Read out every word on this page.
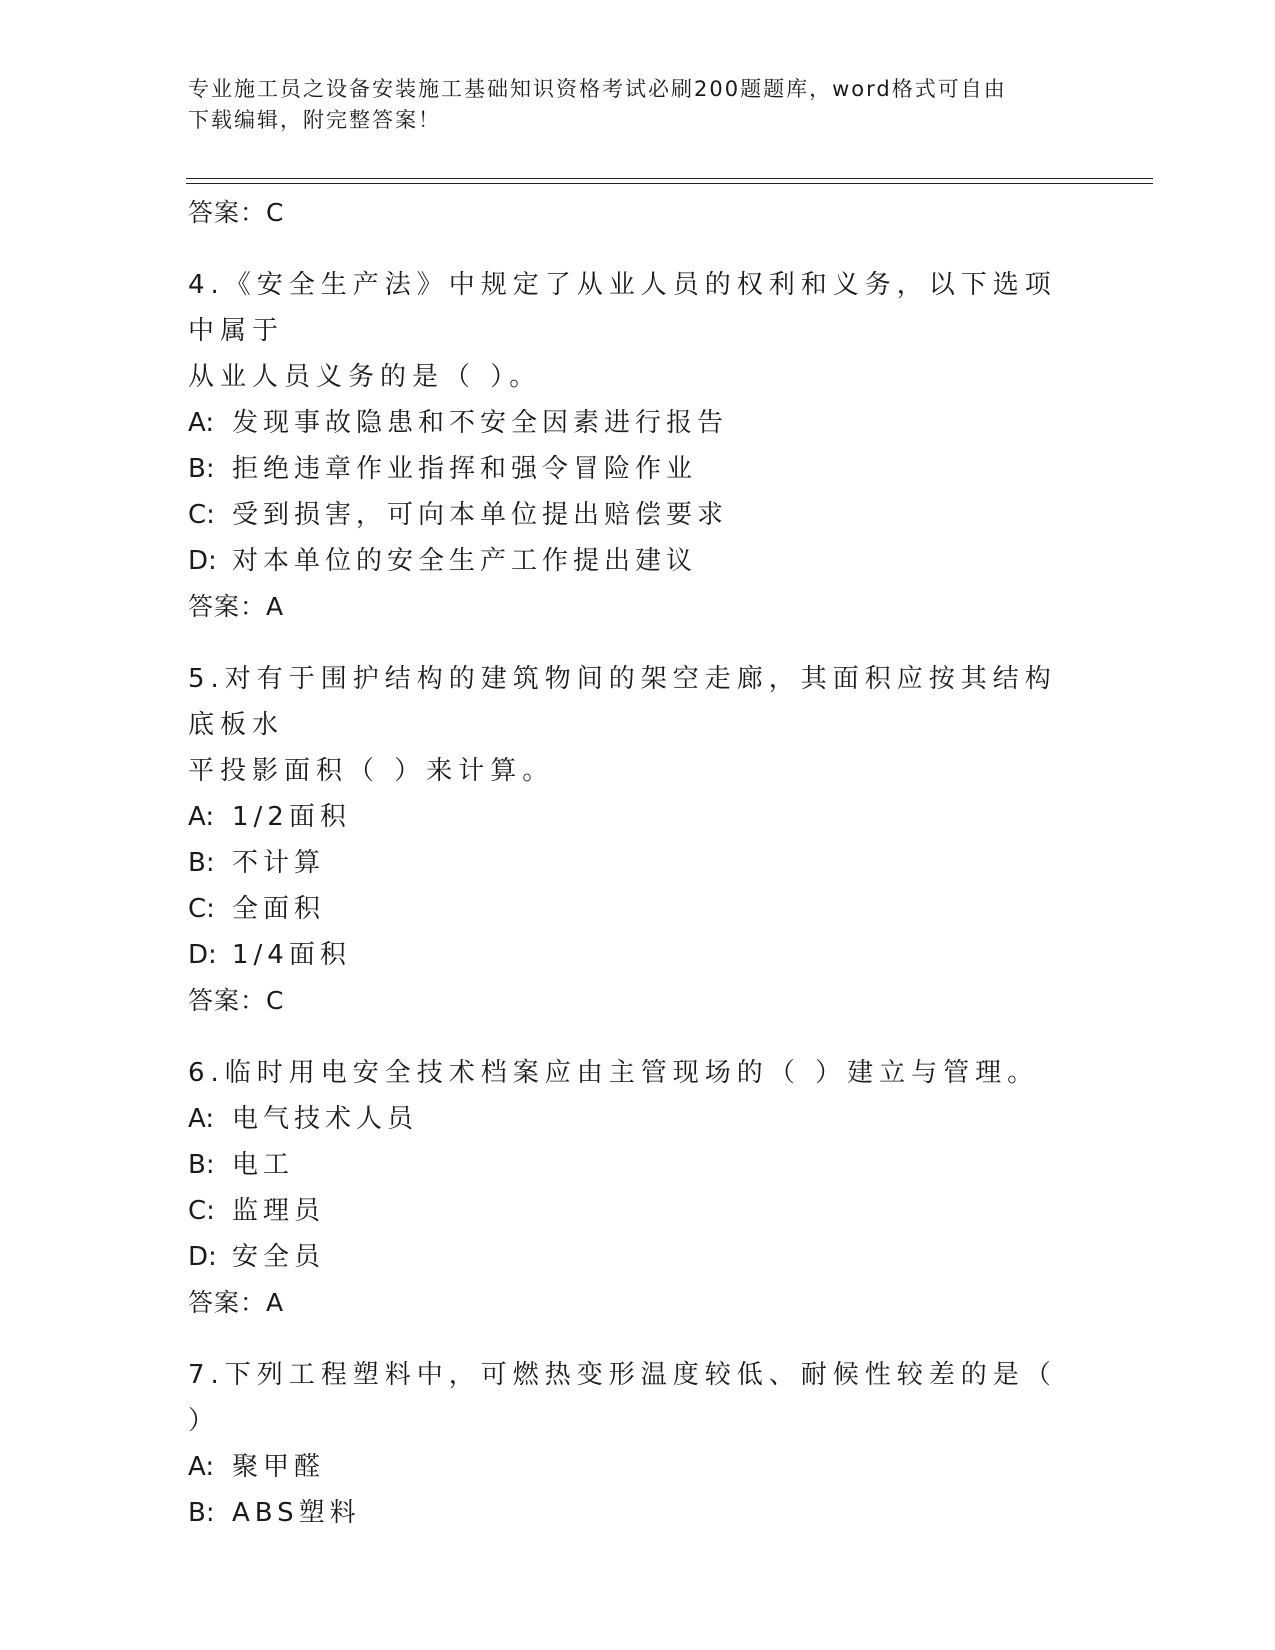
专业施工员之设备安装施工基础知识资格考试必刷200题题库，word格式可自由
下载编辑，附完整答案！
答案：C
4.《安全生产法》中规定了从业人员的权利和义务，以下选项中属于
从业人员义务的是（ ）。
A: 发现事故隐患和不安全因素进行报告
B: 拒绝违章作业指挥和强令冒险作业
C: 受到损害，可向本单位提出赔偿要求
D: 对本单位的安全生产工作提出建议
答案：A
5.对有于围护结构的建筑物间的架空走廊，其面积应按其结构底板水
平投影面积（ ）来计算。
A: 1/2面积
B: 不计算
C: 全面积
D: 1/4面积
答案：C
6.临时用电安全技术档案应由主管现场的（ ）建立与管理。
A: 电气技术人员
B: 电工
C: 监理员
D: 安全员
答案：A
7.下列工程塑料中，可燃热变形温度较低、耐候性较差的是（ ）
A: 聚甲醛
B: ABS塑料
